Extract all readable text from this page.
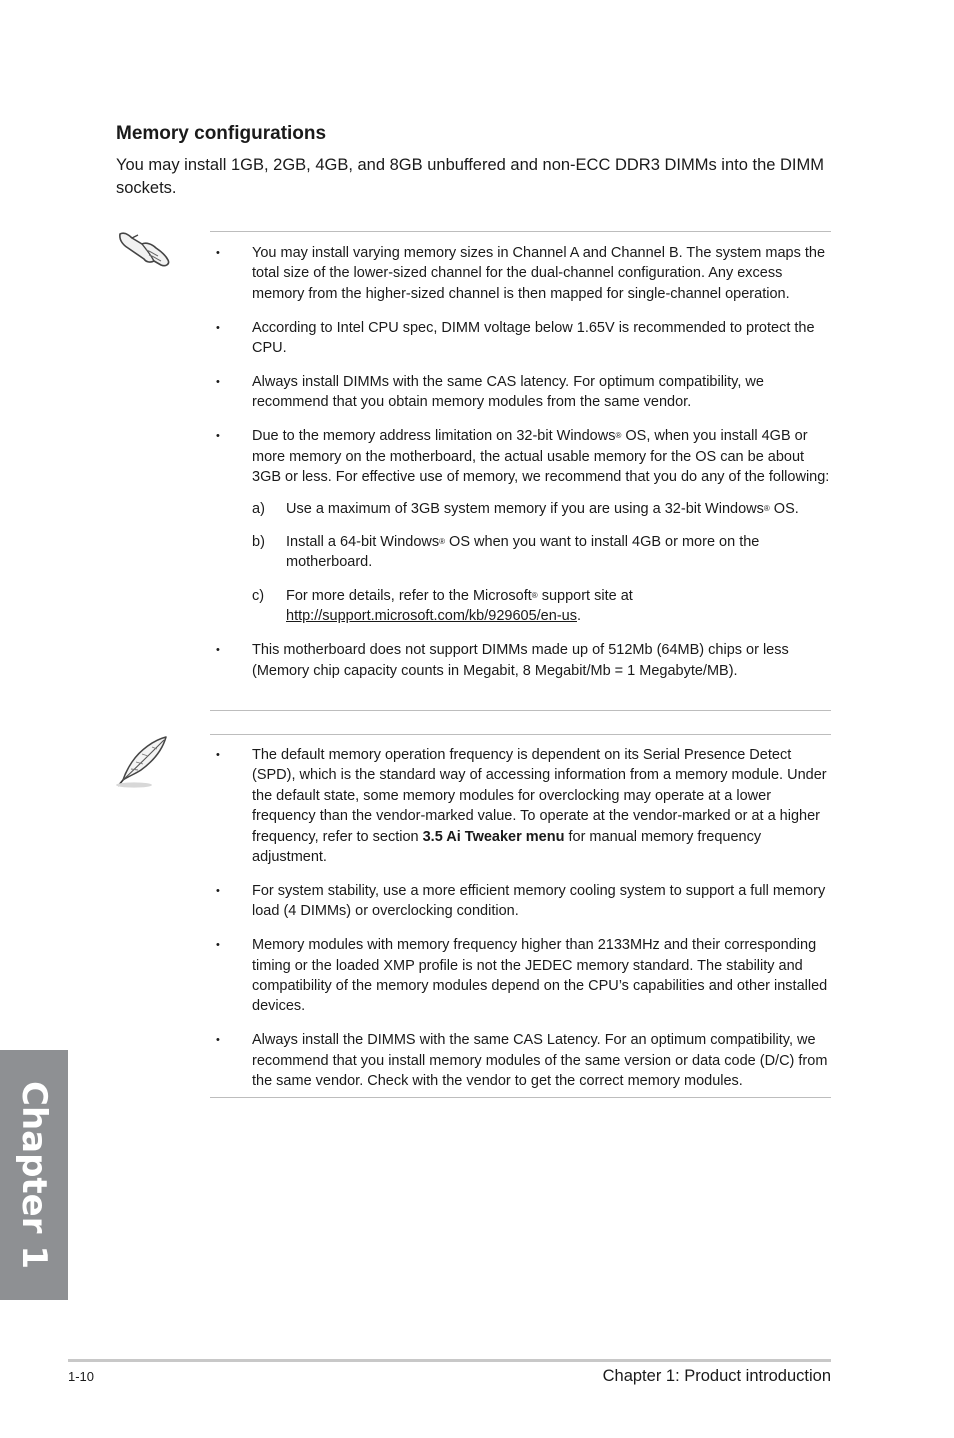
Memory configurations

You may install 1GB, 2GB, 4GB, and 8GB unbuffered and non-ECC DDR3 DIMMs into the DIMM sockets.

• You may install varying memory sizes in Channel A and Channel B. The system maps the total size of the lower-sized channel for the dual-channel configuration. Any excess memory from the higher-sized channel is then mapped for single-channel operation.
• According to Intel CPU spec, DIMM voltage below 1.65V is recommended to protect the CPU.
• Always install DIMMs with the same CAS latency. For optimum compatibility, we recommend that you obtain memory modules from the same vendor.
• Due to the memory address limitation on 32-bit Windows® OS, when you install 4GB or more memory on the motherboard, the actual usable memory for the OS can be about 3GB or less. For effective use of memory, we recommend that you do any of the following:
a) Use a maximum of 3GB system memory if you are using a 32-bit Windows® OS.
b) Install a 64-bit Windows® OS when you want to install 4GB or more on the motherboard.
c) For more details, refer to the Microsoft® support site at http://support.microsoft.com/kb/929605/en-us.
• This motherboard does not support DIMMs made up of 512Mb (64MB) chips or less (Memory chip capacity counts in Megabit, 8 Megabit/Mb = 1 Megabyte/MB).
• The default memory operation frequency is dependent on its Serial Presence Detect (SPD), which is the standard way of accessing information from a memory module. Under the default state, some memory modules for overclocking may operate at a lower frequency than the vendor-marked value. To operate at the vendor-marked or at a higher frequency, refer to section 3.5 Ai Tweaker menu for manual memory frequency adjustment.
• For system stability, use a more efficient memory cooling system to support a full memory load (4 DIMMs) or overclocking condition.
• Memory modules with memory frequency higher than 2133MHz and their corresponding timing or the loaded XMP profile is not the JEDEC memory standard. The stability and compatibility of the memory modules depend on the CPU’s capabilities and other installed devices.
• Always install the DIMMS with the same CAS Latency. For an optimum compatibility, we recommend that you install memory modules of the same version or data code (D/C) from the same vendor. Check with the vendor to get the correct memory modules.
Chapter 1
1-10	Chapter 1: Product introduction
